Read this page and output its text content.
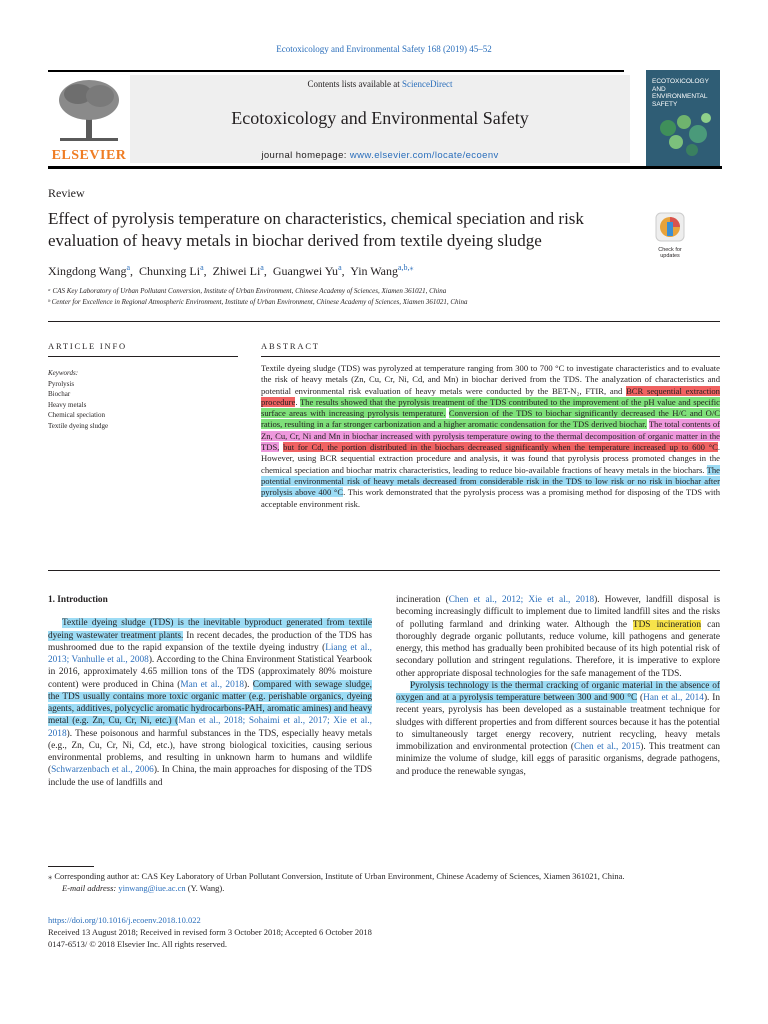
Ecotoxicology and Environmental Safety 168 (2019) 45–52
ELSEVIER
Contents lists available at ScienceDirect
Ecotoxicology and Environmental Safety
journal homepage: www.elsevier.com/locate/ecoenv
ECOTOXICOLOGY AND ENVIRONMENTAL SAFETY
Review
Effect of pyrolysis temperature on characteristics, chemical speciation and risk evaluation of heavy metals in biochar derived from textile dyeing sludge	Check for updates
Xingdong Wang$^a$,  Chunxing Li$^a$,  Zhiwei Li$^a$,  Guangwei Yu$^a$,  Yin Wang$^{a,b,⁎}$
ᵃ CAS Key Laboratory of Urban Pollutant Conversion, Institute of Urban Environment, Chinese Academy of Sciences, Xiamen 361021, China
ᵇ Center for Excellence in Regional Atmospheric Environment, Institute of Urban Environment, Chinese Academy of Sciences, Xiamen 361021, China
ARTICLE INFO	ABSTRACT
Keywords:
Pyrolysis
Biochar
Heavy metals
Chemical speciation
Textile dyeing sludge
Textile dyeing sludge (TDS) was pyrolyzed at temperature ranging from 300 to 700 °C to investigate characteristics and to evaluate the risk of heavy metals (Zn, Cu, Cr, Ni, Cd, and Mn) in biochar derived from the TDS. The analyzation of characteristics and potential environmental risk evaluation of heavy metals were conducted by the BET-N₂, FTIR, and BCR sequential extraction procedure. The results showed that the pyrolysis treatment of the TDS contributed to the improvement of the pH value and specific surface areas with increasing pyrolysis temperature. Conversion of the TDS to biochar significantly decreased the H/C and O/C ratios, resulting in a far stronger carbonization and a higher aromatic condensation for the TDS derived biochar. The total contents of Zn, Cu, Cr, Ni and Mn in biochar increased with pyrolysis temperature owing to the thermal decomposition of organic matter in the TDS, but for Cd, the portion distributed in the biochars decreased significantly when the temperature increased up to 600 °C. However, using BCR sequential extraction procedure and analysis, it was found that pyrolysis process promoted changes in the chemical speciation and biochar matrix characteristics, leading to reduce bio-available fractions of heavy metals in the biochars. The potential environmental risk of heavy metals decreased from considerable risk in the TDS to low risk or no risk in biochar after pyrolysis above 400 °C. This work demonstrated that the pyrolysis process was a promising method for disposing of the TDS with acceptable environment risk.

1. Introduction

Textile dyeing sludge (TDS) is the inevitable byproduct generated from textile dyeing wastewater treatment plants. In recent decades, the production of the TDS has mushroomed due to the rapid expansion of the textile dyeing industry (Liang et al., 2013; Vanhulle et al., 2008). According to the China Environment Statistical Yearbook in 2016, approximately 4.65 million tons of the TDS (approximately 80% moisture content) were produced in China (Man et al., 2018). Compared with sewage sludge, the TDS usually contains more toxic organic matter (e.g. perishable organics, dyeing agents, additives, polycyclic aromatic hydrocarbons-PAH, aromatic amines) and heavy metal (e.g. Zn, Cu, Cr, Ni, etc.) (Man et al., 2018; Sohaimi et al., 2017; Xie et al., 2018). These poisonous and harmful substances in the TDS, especially heavy metals (e.g., Zn, Cu, Cr, Ni, Cd, etc.), have strong biological toxicities, causing serious environmental problems, and resulting in unknown harm to humans and wildlife (Schwarzenbach et al., 2006). In China, the main approaches for disposing of the TDS include the use of landfills and

incineration (Chen et al., 2012; Xie et al., 2018). However, landfill disposal is becoming increasingly difficult to implement due to limited landfill sites and the risks of polluting farmland and drinking water. Although the TDS incineration can thoroughly degrade organic pollutants, reduce volume, kill pathogens and generate energy, this method has gradually been prohibited because of its high potential risk of secondary pollution and stringent regulations. Therefore, it is imperative to explore other appropriate disposal technologies for the safe management of the TDS.

Pyrolysis technology is the thermal cracking of organic material in the absence of oxygen and at a pyrolysis temperature between 300 and 900 °C (Han et al., 2014). In recent years, pyrolysis has been developed as a sustainable treatment technique for sludges with different properties and from different sources because it has the potential to simultaneously target energy recovery, nutrient recycling, heavy metals immobilization and environmental protection (Chen et al., 2015). This treatment can minimize the volume of sludge, kill eggs of parasitic organisms, degrade pathogens, and produce the renewable syngas,

⁎ Corresponding author at: CAS Key Laboratory of Urban Pollutant Conversion, Institute of Urban Environment, Chinese Academy of Sciences, Xiamen 361021, China.
E-mail address: yinwang@iue.ac.cn (Y. Wang).
https://doi.org/10.1016/j.ecoenv.2018.10.022
Received 13 August 2018; Received in revised form 3 October 2018; Accepted 6 October 2018
0147-6513/ © 2018 Elsevier Inc. All rights reserved.
